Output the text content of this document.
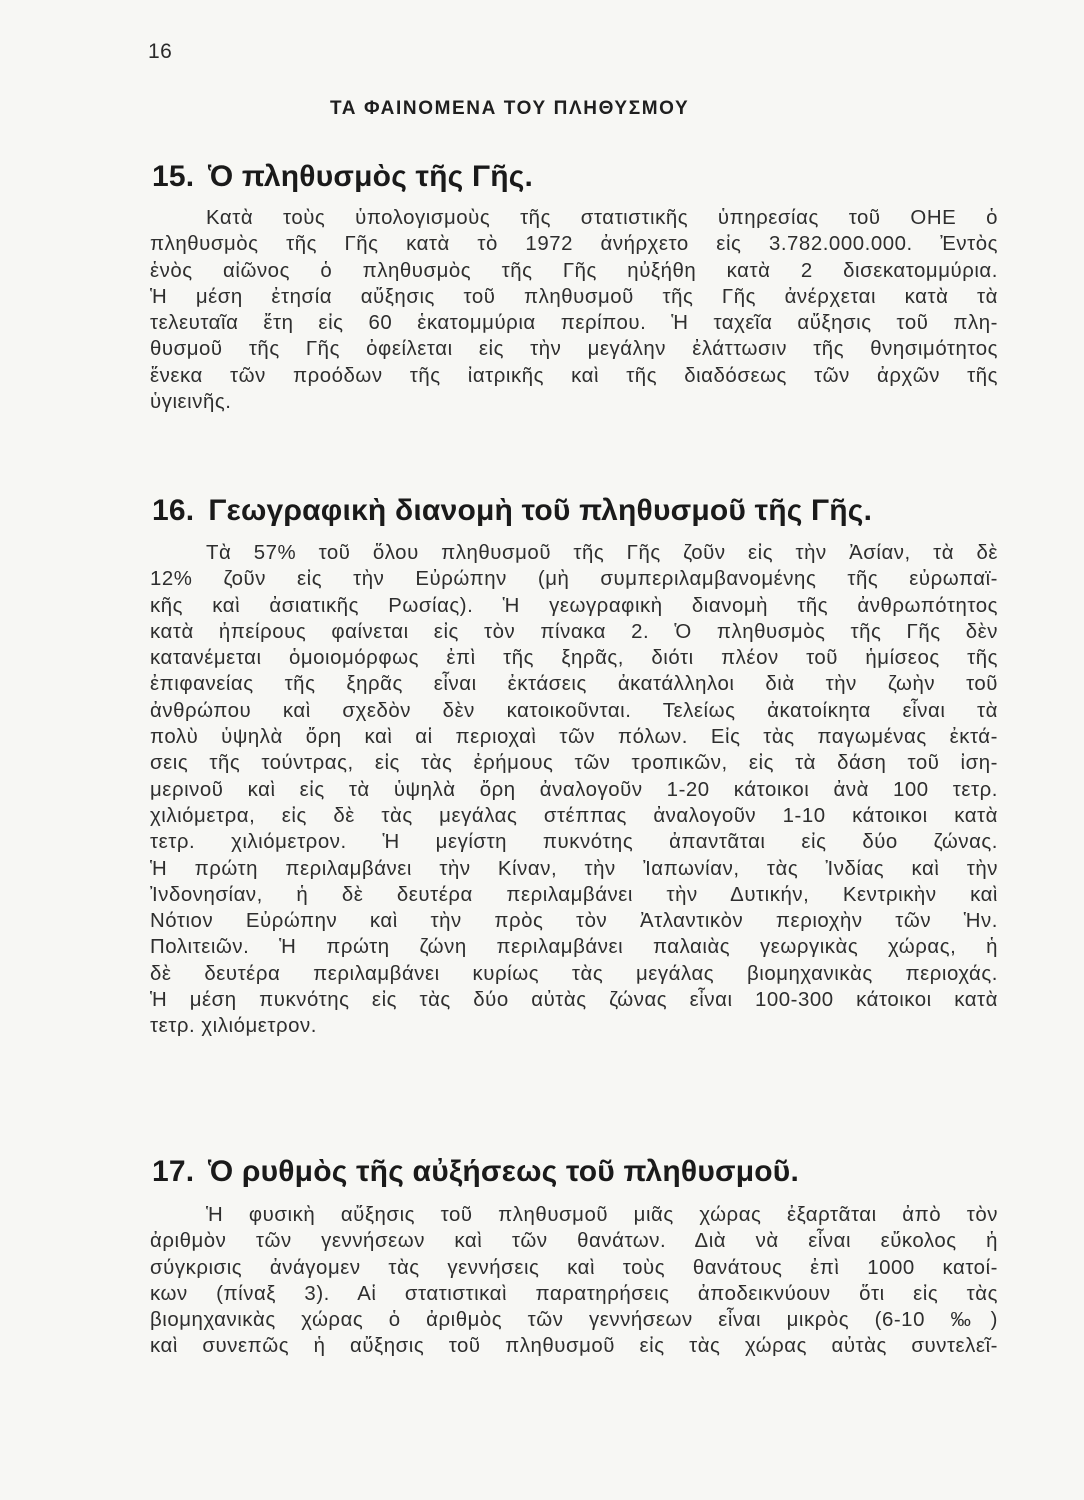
16
ΤΑ ΦΑΙΝΟΜΕΝΑ ΤΟΥ ΠΛΗΘΥΣΜΟΥ
15. Ὁ πληθυσμὸς τῆς Γῆς.
Κατὰ τοὺς ὑπολογισμοὺς τῆς στατιστικῆς ὑπηρεσίας τοῦ ΟΗΕ ὁ
πληθυσμὸς τῆς Γῆς κατὰ τὸ 1972 ἀνήρχετο εἰς 3.782.000.000. Ἐντὸς
ἑνὸς αἰῶνος ὁ πληθυσμὸς τῆς Γῆς ηὐξήθη κατὰ 2 δισεκατομμύρια.
Ἡ μέση ἐτησία αὔξησις τοῦ πληθυσμοῦ τῆς Γῆς ἀνέρχεται κατὰ τὰ
τελευταῖα ἔτη εἰς 60 ἑκατομμύρια περίπου. Ἡ ταχεῖα αὔξησις τοῦ πλη-
θυσμοῦ τῆς Γῆς ὀφείλεται εἰς τὴν μεγάλην ἐλάττωσιν τῆς θνησιμότητος
ἕνεκα τῶν προόδων τῆς ἰατρικῆς καὶ τῆς διαδόσεως τῶν ἀρχῶν τῆς
ὑγιεινῆς.
16. Γεωγραφικὴ διανομὴ τοῦ πληθυσμοῦ τῆς Γῆς.
Τὰ 57% τοῦ ὅλου πληθυσμοῦ τῆς Γῆς ζοῦν εἰς τὴν Ἀσίαν, τὰ δὲ
12% ζοῦν εἰς τὴν Εὐρώπην (μὴ συμπεριλαμβανομένης τῆς εὐρωπαϊ-
κῆς καὶ ἀσιατικῆς Ρωσίας). Ἡ γεωγραφικὴ διανομὴ τῆς ἀνθρωπότητος
κατὰ ἠπείρους φαίνεται εἰς τὸν πίνακα 2. Ὁ πληθυσμὸς τῆς Γῆς δὲν
κατανέμεται ὁμοιομόρφως ἐπὶ τῆς ξηρᾶς, διότι πλέον τοῦ ἡμίσεος τῆς
ἐπιφανείας τῆς ξηρᾶς εἶναι ἐκτάσεις ἀκατάλληλοι διὰ τὴν ζωὴν τοῦ
ἀνθρώπου καὶ σχεδὸν δὲν κατοικοῦνται. Τελείως ἀκατοίκητα εἶναι τὰ
πολὺ ὑψηλὰ ὄρη καὶ αἱ περιοχαὶ τῶν πόλων. Εἰς τὰς παγωμένας ἐκτά-
σεις τῆς τούντρας, εἰς τὰς ἐρήμους τῶν τροπικῶν, εἰς τὰ δάση τοῦ ἰση-
μερινοῦ καὶ εἰς τὰ ὑψηλὰ ὄρη ἀναλογοῦν 1-20 κάτοικοι ἀνὰ 100 τετρ.
χιλιόμετρα, εἰς δὲ τὰς μεγάλας στέππας ἀναλογοῦν 1-10 κάτοικοι κατὰ
τετρ. χιλιόμετρον. Ἡ μεγίστη πυκνότης ἀπαντᾶται εἰς δύο ζώνας.
Ἡ πρώτη περιλαμβάνει τὴν Κίναν, τὴν Ἰαπωνίαν, τὰς Ἰνδίας καὶ τὴν
Ἰνδονησίαν, ἡ δὲ δευτέρα περιλαμβάνει τὴν Δυτικήν, Κεντρικὴν καὶ
Νότιον Εὐρώπην καὶ τὴν πρὸς τὸν Ἀτλαντικὸν περιοχὴν τῶν Ἡν.
Πολιτειῶν. Ἡ πρώτη ζώνη περιλαμβάνει παλαιὰς γεωργικὰς χώρας, ἡ
δὲ δευτέρα περιλαμβάνει κυρίως τὰς μεγάλας βιομηχανικὰς περιοχάς.
Ἡ μέση πυκνότης εἰς τὰς δύο αὐτὰς ζώνας εἶναι 100-300 κάτοικοι κατὰ
τετρ. χιλιόμετρον.
17. Ὁ ρυθμὸς τῆς αὐξήσεως τοῦ πληθυσμοῦ.
Ἡ φυσικὴ αὔξησις τοῦ πληθυσμοῦ μιᾶς χώρας ἐξαρτᾶται ἀπὸ τὸν
ἀριθμὸν τῶν γεννήσεων καὶ τῶν θανάτων. Διὰ νὰ εἶναι εὔκολος ἡ
σύγκρισις ἀνάγομεν τὰς γεννήσεις καὶ τοὺς θανάτους ἐπὶ 1000 κατοί-
κων (πίναξ 3). Αἱ στατιστικαὶ παρατηρήσεις ἀποδεικνύουν ὅτι εἰς τὰς
βιομηχανικὰς χώρας ὁ ἀριθμὸς τῶν γεννήσεων εἶναι μικρὸς (6-10 ‰)
καὶ συνεπῶς ἡ αὔξησις τοῦ πληθυσμοῦ εἰς τὰς χώρας αὐτὰς συντελεῖ-
